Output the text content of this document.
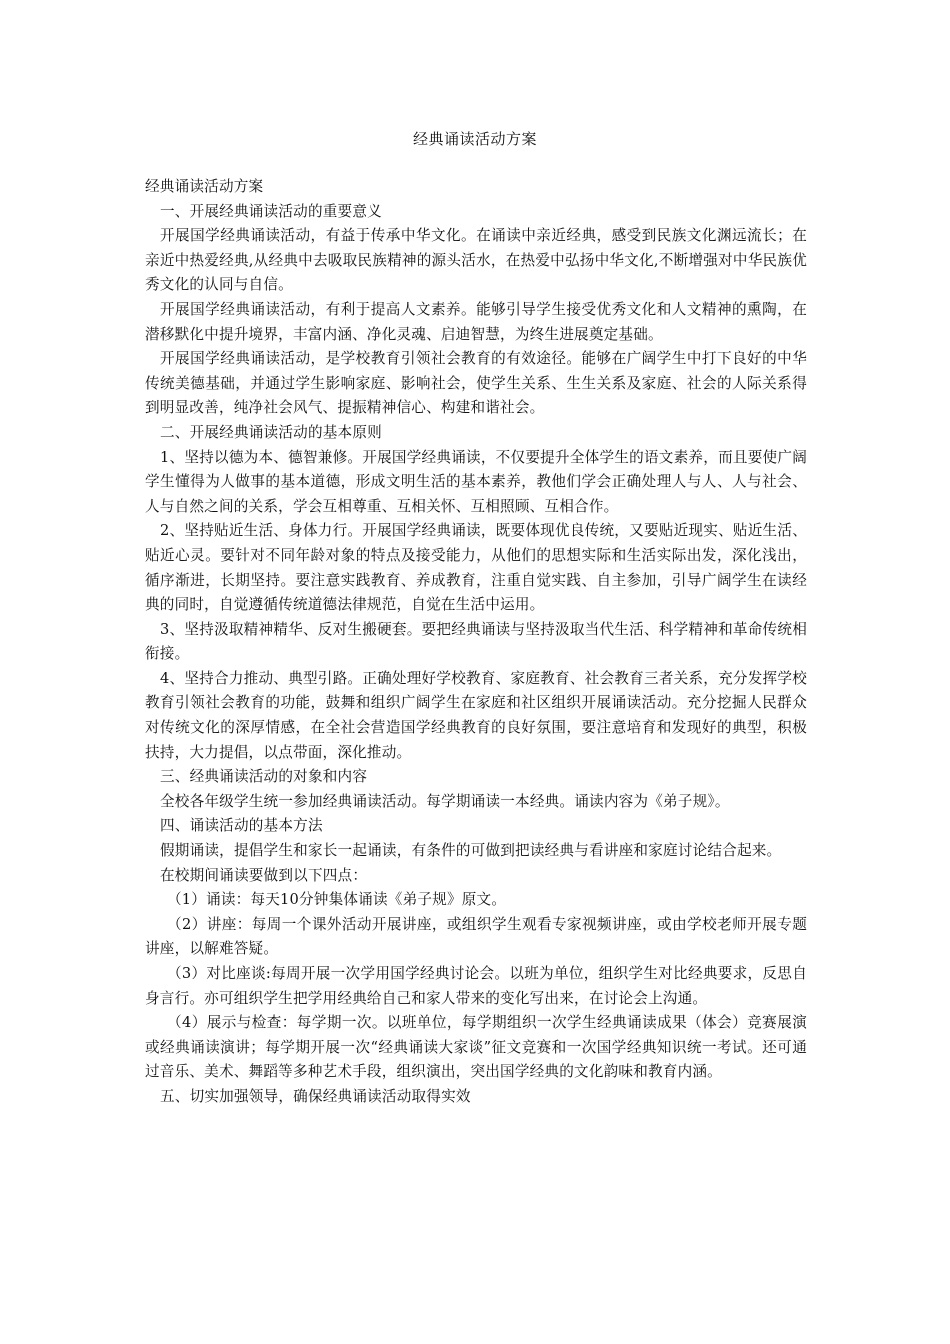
经典诵读活动方案

经典诵读活动方案

一、开展经典诵读活动的重要意义

开展国学经典诵读活动，有益于传承中华文化。在诵读中亲近经典，感受到民族文化渊远流长；在亲近中热爱经典,从经典中去吸取民族精神的源头活水，在热爱中弘扬中华文化,不断增强对中华民族优秀文化的认同与自信。

开展国学经典诵读活动，有利于提高人文素养。能够引导学生接受优秀文化和人文精神的熏陶，在潜移默化中提升境界，丰富内涵、净化灵魂、启迪智慧，为终生进展奠定基础。

开展国学经典诵读活动，是学校教育引领社会教育的有效途径。能够在广阔学生中打下良好的中华传统美德基础，并通过学生影响家庭、影响社会，使学生关系、生生关系及家庭、社会的人际关系得到明显改善，纯净社会风气、提振精神信心、构建和谐社会。

二、开展经典诵读活动的基本原则

1、坚持以德为本、德智兼修。开展国学经典诵读，不仅要提升全体学生的语文素养，而且要使广阔学生懂得为人做事的基本道德，形成文明生活的基本素养，教他们学会正确处理人与人、人与社会、人与自然之间的关系，学会互相尊重、互相关怀、互相照顾、互相合作。

2、坚持贴近生活、身体力行。开展国学经典诵读，既要体现优良传统，又要贴近现实、贴近生活、贴近心灵。要针对不同年龄对象的特点及接受能力，从他们的思想实际和生活实际出发，深化浅出，循序渐进，长期坚持。要注意实践教育、养成教育，注重自觉实践、自主参加，引导广阔学生在读经典的同时，自觉遵循传统道德法律规范，自觉在生活中运用。

3、坚持汲取精神精华、反对生搬硬套。要把经典诵读与坚持汲取当代生活、科学精神和革命传统相衔接。

4、坚持合力推动、典型引路。正确处理好学校教育、家庭教育、社会教育三者关系，充分发挥学校教育引领社会教育的功能，鼓舞和组织广阔学生在家庭和社区组织开展诵读活动。充分挖掘人民群众对传统文化的深厚情感，在全社会营造国学经典教育的良好氛围，要注意培育和发现好的典型，积极扶持，大力提倡，以点带面，深化推动。

三、经典诵读活动的对象和内容

全校各年级学生统一参加经典诵读活动。每学期诵读一本经典。诵读内容为《弟子规》。

四、诵读活动的基本方法

假期诵读，提倡学生和家长一起诵读，有条件的可做到把读经典与看讲座和家庭讨论结合起来。

在校期间诵读要做到以下四点：

（1）诵读：每天10分钟集体诵读《弟子规》原文。

（2）讲座：每周一个课外活动开展讲座，或组织学生观看专家视频讲座，或由学校老师开展专题讲座，以解难答疑。

（3）对比座谈:每周开展一次学用国学经典讨论会。以班为单位，组织学生对比经典要求，反思自身言行。亦可组织学生把学用经典给自己和家人带来的变化写出来，在讨论会上沟通。

（4）展示与检查：每学期一次。以班单位，每学期组织一次学生经典诵读成果（体会）竞赛展演或经典诵读演讲；每学期开展一次“经典诵读大家谈”征文竞赛和一次国学经典知识统一考试。还可通过音乐、美术、舞蹈等多种艺术手段，组织演出，突出国学经典的文化韵味和教育内涵。

五、切实加强领导，确保经典诵读活动取得实效
